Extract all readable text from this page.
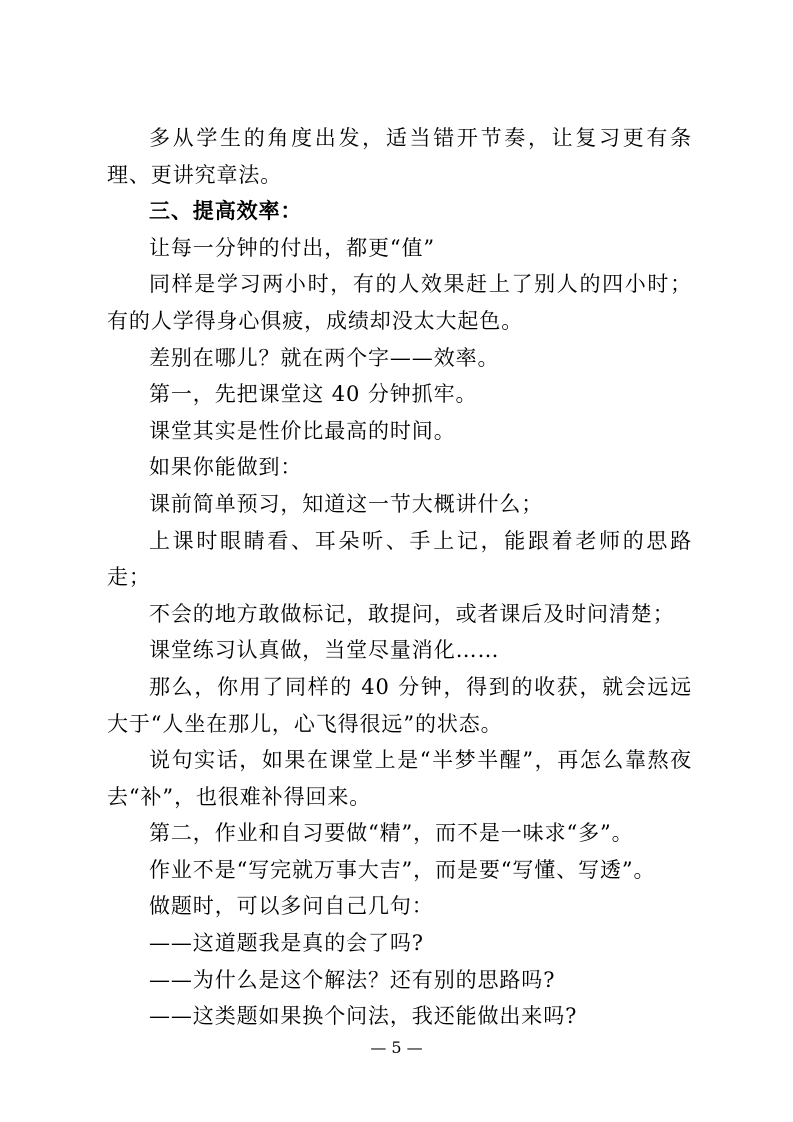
多从学生的角度出发，适当错开节奏，让复习更有条理、更讲究章法。

三、提高效率：

让每一分钟的付出，都更“值”

同样是学习两小时，有的人效果赶上了别人的四小时；有的人学得身心俱疲，成绩却没太大起色。

差别在哪儿？就在两个字——效率。

第一，先把课堂这 40 分钟抓牢。

课堂其实是性价比最高的时间。

如果你能做到：

课前简单预习，知道这一节大概讲什么；

上课时眼睛看、耳朵听、手上记，能跟着老师的思路走；

不会的地方敢做标记，敢提问，或者课后及时问清楚；

课堂练习认真做，当堂尽量消化……

那么，你用了同样的 40 分钟，得到的收获，就会远远大于“人坐在那儿，心飞得很远”的状态。

说句实话，如果在课堂上是“半梦半醒”，再怎么靠熬夜去“补”，也很难补得回来。

第二，作业和自习要做“精”，而不是一味求“多”。

作业不是“写完就万事大吉”，而是要“写懂、写透”。

做题时，可以多问自己几句：

——这道题我是真的会了吗?

——为什么是这个解法？还有别的思路吗?

——这类题如果换个问法，我还能做出来吗?

— 5 —
